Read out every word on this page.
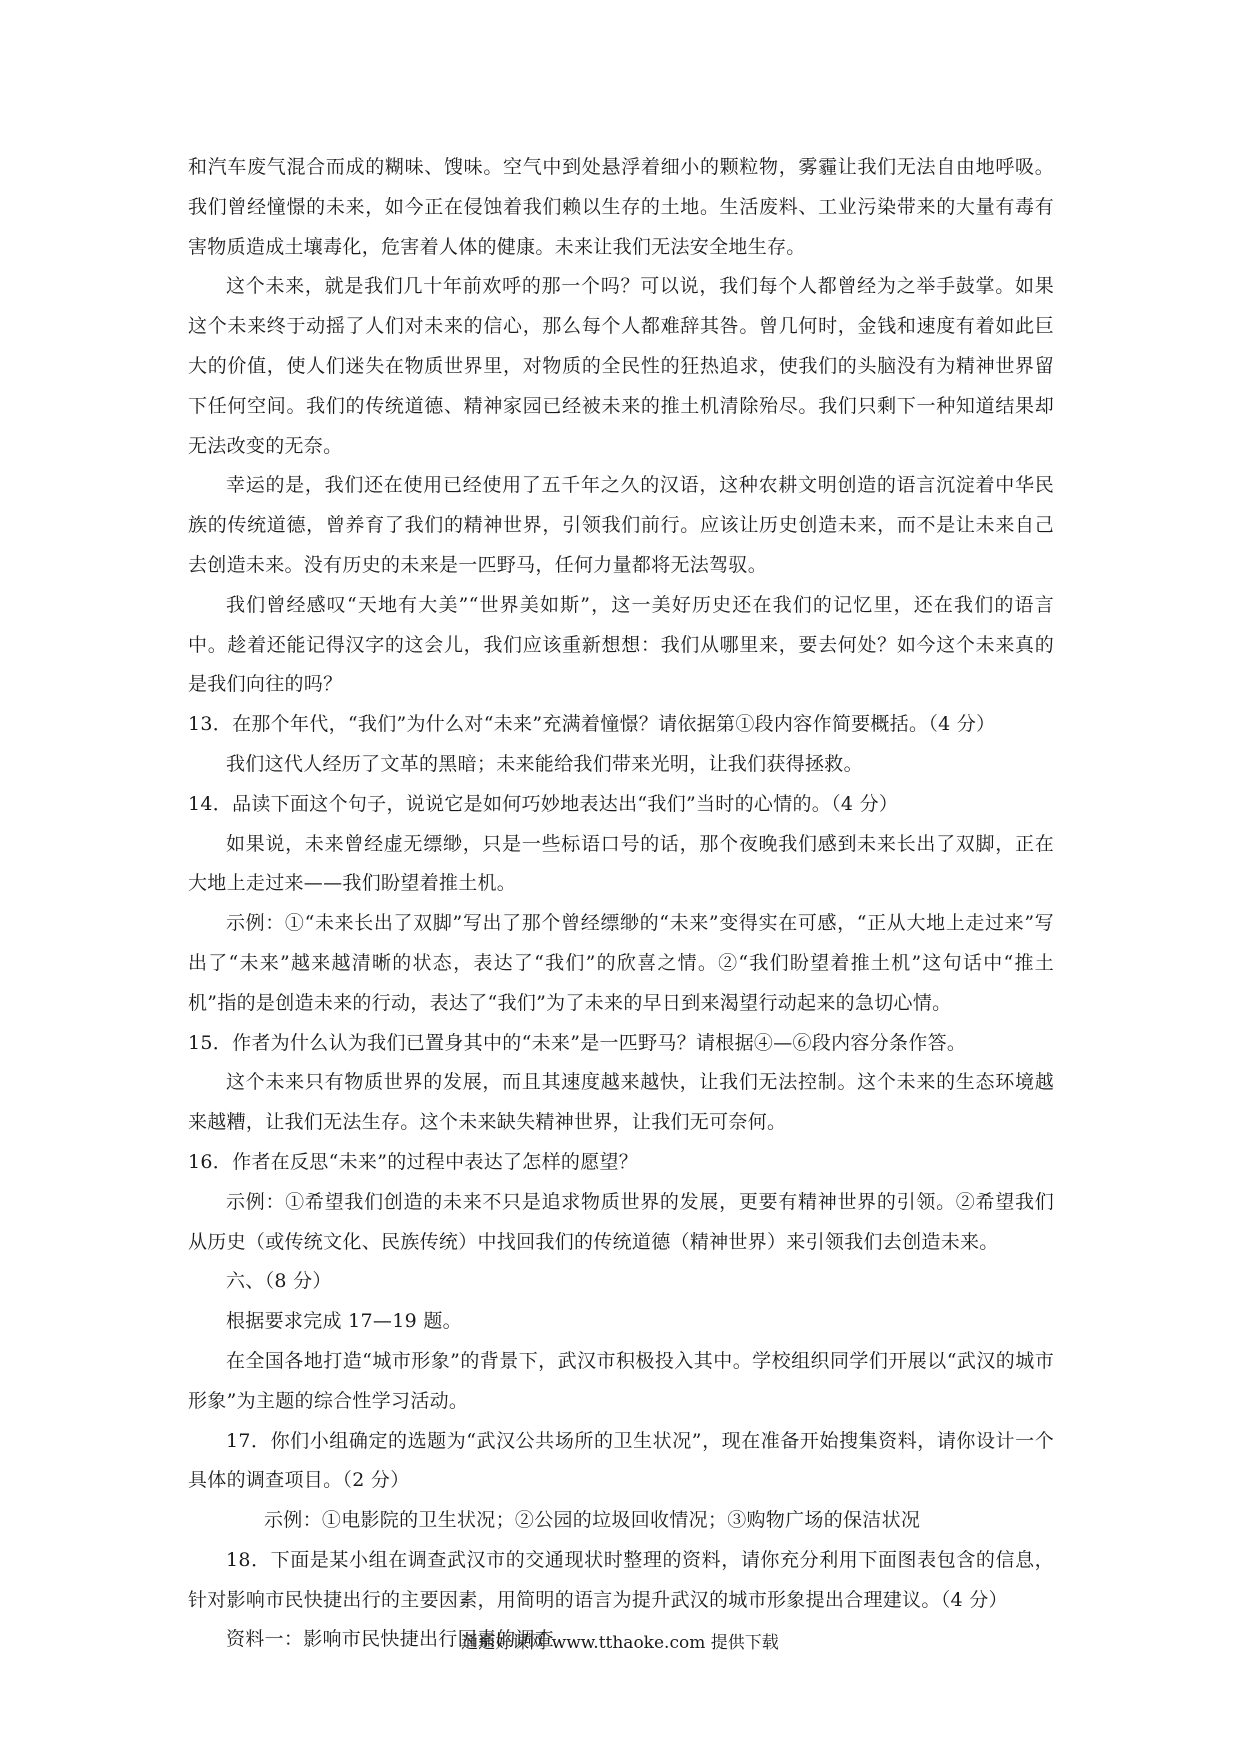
和汽车废气混合而成的糊味、馊味。空气中到处悬浮着细小的颗粒物，雾霾让我们无法自由地呼吸。我们曾经憧憬的未来，如今正在侵蚀着我们赖以生存的土地。生活废料、工业污染带来的大量有毒有害物质造成土壤毒化，危害着人体的健康。未来让我们无法安全地生存。

这个未来，就是我们几十年前欢呼的那一个吗？可以说，我们每个人都曾经为之举手鼓掌。如果这个未来终于动摇了人们对未来的信心，那么每个人都难辞其咎。曾几何时，金钱和速度有着如此巨大的价值，使人们迷失在物质世界里，对物质的全民性的狂热追求，使我们的头脑没有为精神世界留下任何空间。我们的传统道德、精神家园已经被未来的推土机清除殆尽。我们只剩下一种知道结果却无法改变的无奈。

幸运的是，我们还在使用已经使用了五千年之久的汉语，这种农耕文明创造的语言沉淀着中华民族的传统道德，曾养育了我们的精神世界，引领我们前行。应该让历史创造未来，而不是让未来自己去创造未来。没有历史的未来是一匹野马，任何力量都将无法驾驭。

我们曾经感叹“天地有大美”“世界美如斯”，这一美好历史还在我们的记忆里，还在我们的语言中。趁着还能记得汉字的这会儿，我们应该重新想想：我们从哪里来，要去何处？如今这个未来真的是我们向往的吗？

13．在那个年代，“我们”为什么对“未来”充满着憧憬？请依据第①段内容作简要概括。（4 分）

我们这代人经历了文革的黑暗；未来能给我们带来光明，让我们获得拯救。

14．品读下面这个句子，说说它是如何巧妙地表达出“我们”当时的心情的。（4 分）

如果说，未来曾经虚无缥缈，只是一些标语口号的话，那个夜晚我们感到未来长出了双脚，正在大地上走过来——我们盼望着推土机。

示例：①“未来长出了双脚”写出了那个曾经缥缈的“未来”变得实在可感，“正从大地上走过来”写出了“未来”越来越清晰的状态，表达了“我们”的欣喜之情。②“我们盼望着推土机”这句话中“推土机”指的是创造未来的行动，表达了“我们”为了未来的早日到来渴望行动起来的急切心情。

15．作者为什么认为我们已置身其中的“未来”是一匹野马？请根据④—⑥段内容分条作答。

这个未来只有物质世界的发展，而且其速度越来越快，让我们无法控制。这个未来的生态环境越来越糟，让我们无法生存。这个未来缺失精神世界，让我们无可奈何。

16．作者在反思“未来”的过程中表达了怎样的愿望？

示例：①希望我们创造的未来不只是追求物质世界的发展，更要有精神世界的引领。②希望我们从历史（或传统文化、民族传统）中找回我们的传统道德（精神世界）来引领我们去创造未来。

六、（8 分）

根据要求完成 17—19 题。

在全国各地打造“城市形象”的背景下，武汉市积极投入其中。学校组织同学们开展以“武汉的城市形象”为主题的综合性学习活动。

17．你们小组确定的选题为“武汉公共场所的卫生状况”，现在准备开始搜集资料，请你设计一个具体的调查项目。（2 分）

示例：①电影院的卫生状况；②公园的垃圾回收情况；③购物广场的保洁状况

18．下面是某小组在调查武汉市的交通现状时整理的资料，请你充分利用下面图表包含的信息，针对影响市民快捷出行的主要因素，用简明的语言为提升武汉的城市形象提出合理建议。（4 分）

资料一：影响市民快捷出行因素的调查

通通好课网 www.tthaoke.com 提供下载
